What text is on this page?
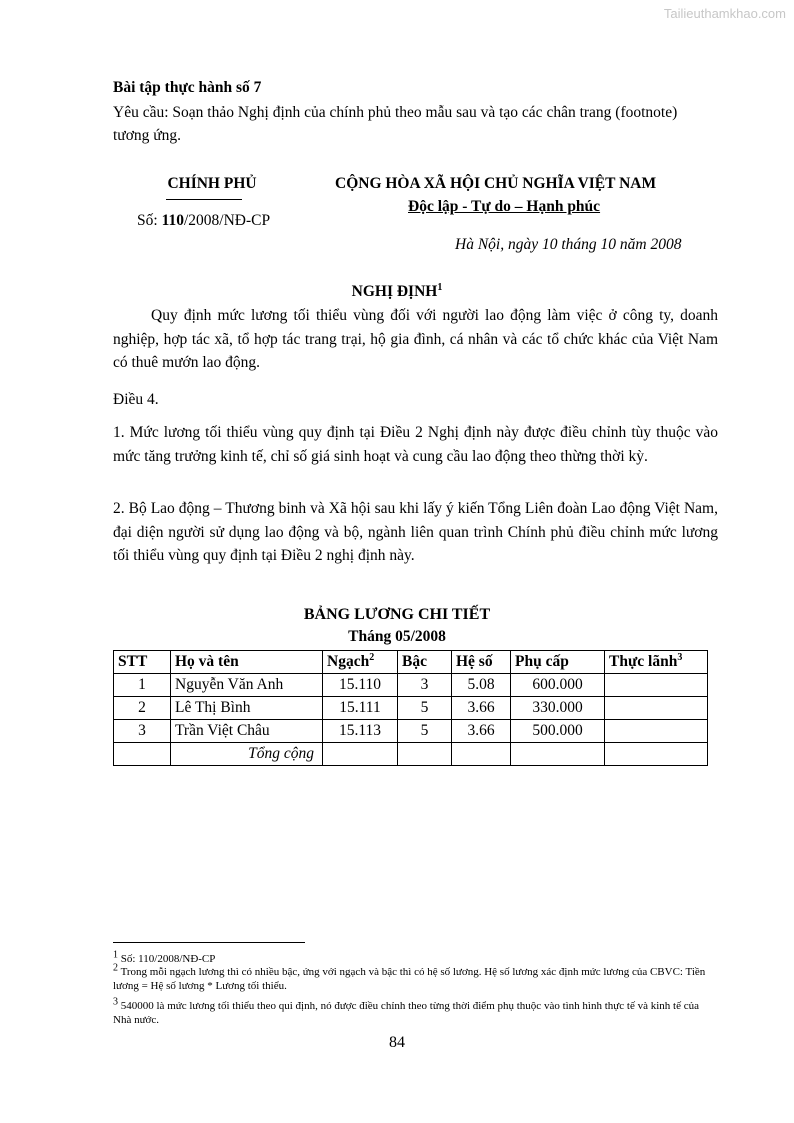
Tailieuthamkhao.com
Bài tập thực hành số 7
Yêu cầu: Soạn thảo Nghị định của chính phủ theo mẫu sau và tạo các chân trang (footnote) tương ứng.
CHÍNH PHỦ
Số: 110/2008/NĐ-CP
CỘNG HÒA XÃ HỘI CHỦ NGHĨA VIỆT NAM
Độc lập - Tự do – Hạnh phúc
Hà Nội, ngày 10 tháng 10 năm 2008
NGHỊ ĐỊNH$^1$
Quy định mức lương tối thiểu vùng đối với người lao động làm việc ở công ty, doanh nghiệp, hợp tác xã, tổ hợp tác trang trại, hộ gia đình, cá nhân và các tổ chức khác của Việt Nam có thuê mướn lao động.
Điều 4.
1. Mức lương tối thiểu vùng quy định tại Điều 2 Nghị định này được điều chỉnh tùy thuộc vào mức tăng trưởng kinh tế, chỉ số giá sinh hoạt và cung cầu lao động theo thừng thời kỳ.
2. Bộ Lao động – Thương binh và Xã hội sau khi lấy ý kiến Tổng Liên đoàn Lao động Việt Nam, đại diện người sử dụng lao động và bộ, ngành liên quan trình Chính phủ điều chỉnh mức lương tối thiểu vùng quy định tại Điều 2 nghị định này.
BẢNG LƯƠNG CHI TIẾT
Tháng 05/2008
STT	Họ và tên	Ngạch$^2$	Bậc	Hệ số	Phụ cấp	Thực lãnh$^3$
1	Nguyễn Văn Anh	15.110	3	5.08	600.000	
2	Lê Thị Bình	15.111	5	3.66	330.000	
3	Trần Việt Châu	15.113	5	3.66	500.000	
	Tổng cộng					
$^1$ Số: 110/2008/NĐ-CP
$^2$ Trong mỗi ngạch lương thì có nhiều bậc, ứng với ngạch và bậc thì có hệ số lương. Hệ số lương xác định mức lương của CBVC: Tiền lương = Hệ số lương * Lương tối thiểu.
$^3$ 540000 là mức lương tối thiểu theo qui định, nó được điều chỉnh theo từng thời điểm phụ thuộc vào tình hình thực tế và kinh tế của Nhà nước.
84
